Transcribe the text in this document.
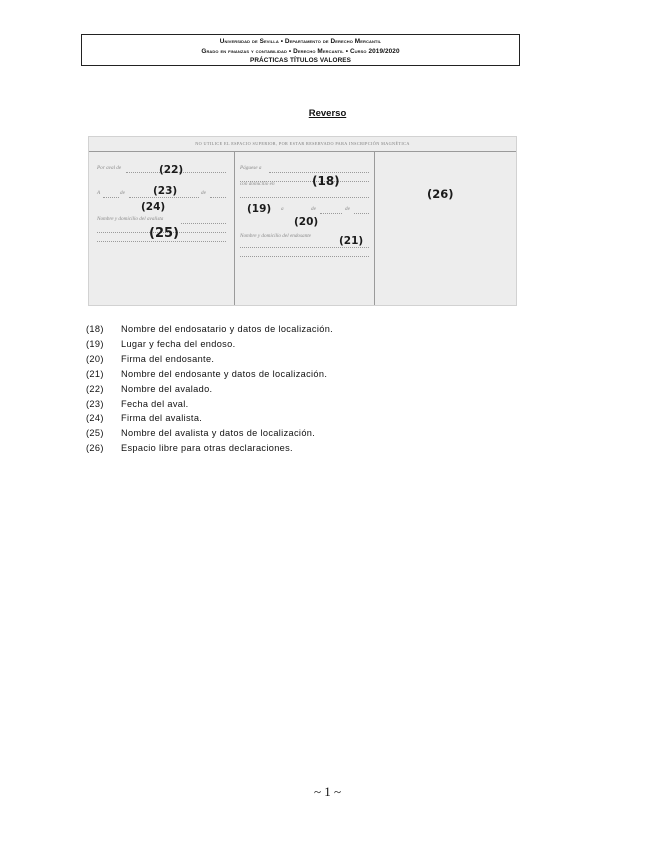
Universidad de Sevilla • Departamento de Derecho Mercantil
Grado en finanzas y contabilidad • Derecho Mercantil • Curso 2019/2020
PRÁCTICAS TÍTULOS VALORES
Reverso
NO UTILICE EL ESPACIO SUPERIOR, POR ESTAR RESERVADO PARA INSCRIPCIÓN MAGNÉTICA
Por aval de
A	de	de
Nombre y domicilio del avalista
Páguese a
con domicilio en
a	de	de
Nombre y domicilio del endosante
(22)
(23)
(24)
(25)
(18)
(19)
(20)
(21)
(26)
(18)	Nombre del endosatario y datos de localización.
(19)	Lugar y fecha del endoso.
(20)	Firma del endosante.
(21)	Nombre del endosante y datos de localización.
(22)	Nombre del avalado.
(23)	Fecha del aval.
(24)	Firma del avalista.
(25)	Nombre del avalista y datos de localización.
(26)	Espacio libre para otras declaraciones.
~ 1 ~
